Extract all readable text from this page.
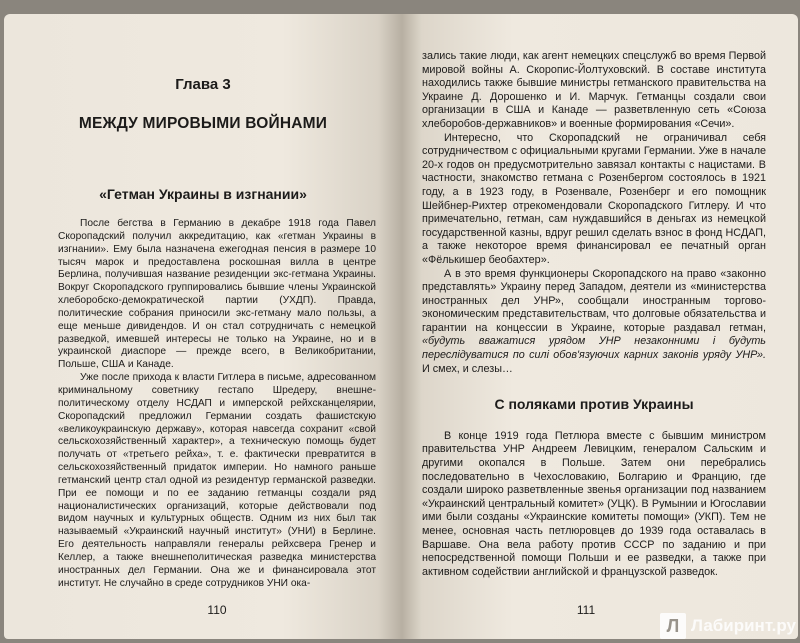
Глава 3
МЕЖДУ МИРОВЫМИ ВОЙНАМИ
«Гетман Украины в изгнании»

После бегства в Германию в декабре 1918 года Павел Скоропадский получил аккредитацию, как «гетман Украины в изгнании». Ему была назначена ежегодная пенсия в размере 10 тысяч марок и предоставлена роскошная вилла в центре Берлина, получившая название резиденции экс-гетмана Украины. Вокруг Скоропадского группировались бывшие члены Украинской хлеборобско-демократической партии (УХДП). Правда, политические собрания приносили экс-гетману мало пользы, а еще меньше дивидендов. И он стал сотрудничать с немецкой разведкой, имевшей интересы не только на Украине, но и в украинской диаспоре — прежде всего, в Великобритании, Польше, США и Канаде.

Уже после прихода к власти Гитлера в письме, адресованном криминальному советнику гестапо Шредеру, внешне-политическому отделу НСДАП и имперской рейхсканцелярии, Скоропадский предложил Германии создать фашистскую «великоукраинскую державу», которая навсегда сохранит «свой сельскохозяйственный характер», а техническую помощь будет получать от «третьего рейха», т. е. фактически превратится в сельскохозяйственный придаток империи. Но намного раньше гетманский центр стал одной из резидентур германской разведки. При ее помощи и по ее заданию гетманцы создали ряд националистических организаций, которые действовали под видом научных и культурных обществ. Одним из них был так называемый «Украинский научный институт» (УНИ) в Берлине. Его деятельность направляли генералы рейхсвера Гренер и Келлер, а также внешнеполитическая разведка министерства иностранных дел Германии. Она же и финансировала этот институт. Не случайно в среде сотрудников УНИ ока-

110

зались такие люди, как агент немецких спецслужб во время Первой мировой войны А. Скоропис-Йолтуховский. В составе института находились также бывшие министры гетманского правительства на Украине Д. Дорошенко и И. Марчук. Гетманцы создали свои организации в США и Канаде — разветвленную сеть «Союза хлеборобов-державников» и военные формирования «Сечи».

Интересно, что Скоропадский не ограничивал себя сотрудничеством с официальными кругами Германии. Уже в начале 20-х годов он предусмотрительно завязал контакты с нацистами. В частности, знакомство гетмана с Розенбергом состоялось в 1921 году, а в 1923 году, в Розенвале, Розенберг и его помощник Шейбнер-Рихтер отрекомендовали Скоропадского Гитлеру. И что примечательно, гетман, сам нуждавшийся в деньгах из немецкой государственной казны, вдруг решил сделать взнос в фонд НСДАП, а также некоторое время финансировал ее печатный орган «Фёлькишер беобахтер».

А в это время функционеры Скоропадского на право «законно представлять» Украину перед Западом, деятели из «министерства иностранных дел УНР», сообщали иностранным торгово-экономическим представительствам, что долговые обязательства и гарантии на концессии в Украине, которые раздавал гетман, «будуть вважатися урядом УНР незаконними і будуть переслідуватися по силі обов'язуючих карних законів уряду УНР». И смех, и слезы…

С поляками против Украины

В конце 1919 года Петлюра вместе с бывшим министром правительства УНР Андреем Левицким, генералом Сальским и другими окопался в Польше. Затем они перебрались последовательно в Чехословакию, Болгарию и Францию, где создали широко разветвленные звенья организации под названием «Украинский центральный комитет» (УЦК). В Румынии и Югославии ими были созданы «Украинские комитеты помощи» (УКП). Тем не менее, основная часть петлюровцев до 1939 года оставалась в Варшаве. Она вела работу против СССР по заданию и при непосредственной помощи Польши и ее разведки, а также при активном содействии английской и французской разведок.

111
Л Лабиринт.ру
